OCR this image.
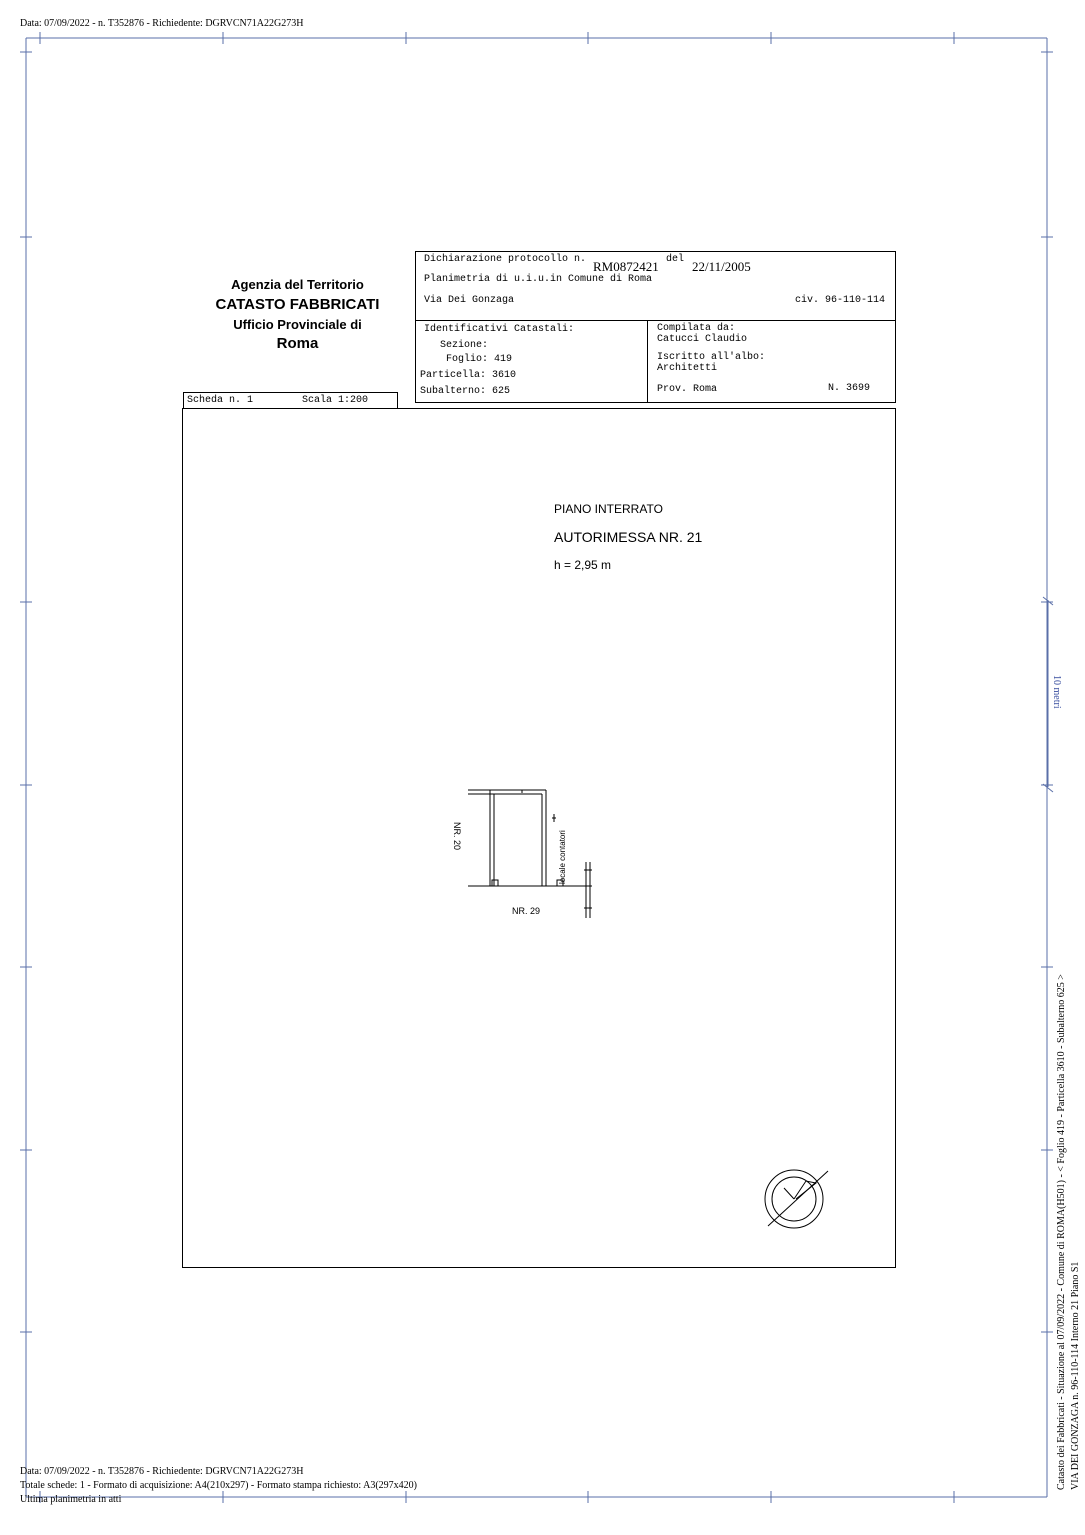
Data: 07/09/2022 - n. T352876 - Richiedente: DGRVCN71A22G273H
Agenzia del Territorio
CATASTO FABBRICATI
Ufficio Provinciale di
Roma
Dichiarazione protocollo n. RM0872421 del 22/11/2005
Planimetria di u.i.u.in Comune di Roma
Via Dei Gonzaga	civ. 96-110-114
Identificativi Catastali:
Sezione:
Foglio: 419
Particella: 3610
Subalterno: 625
Compilata da:
Catucci Claudio
Iscritto all'albo:
Architetti
Prov. Roma	N. 3699
Scheda n. 1	Scala 1:200
PIANO INTERRATO
AUTORIMESSA NR. 21
h = 2,95 m
NR. 20
NR. 29
locale contatori
10 metri
Catasto dei Fabbricati - Situazione al 07/09/2022 - Comune di ROMA(H501) - < Foglio 419 - Particella 3610 - Subalterno 625 > VIA DEI GONZAGA n. 96-110-114 Interno 21 Piano S1
Data: 07/09/2022 - n. T352876 - Richiedente: DGRVCN71A22G273H
Totale schede: 1 - Formato di acquisizione: A4(210x297) - Formato stampa richiesto: A3(297x420)
Ultima planimetria in atti
